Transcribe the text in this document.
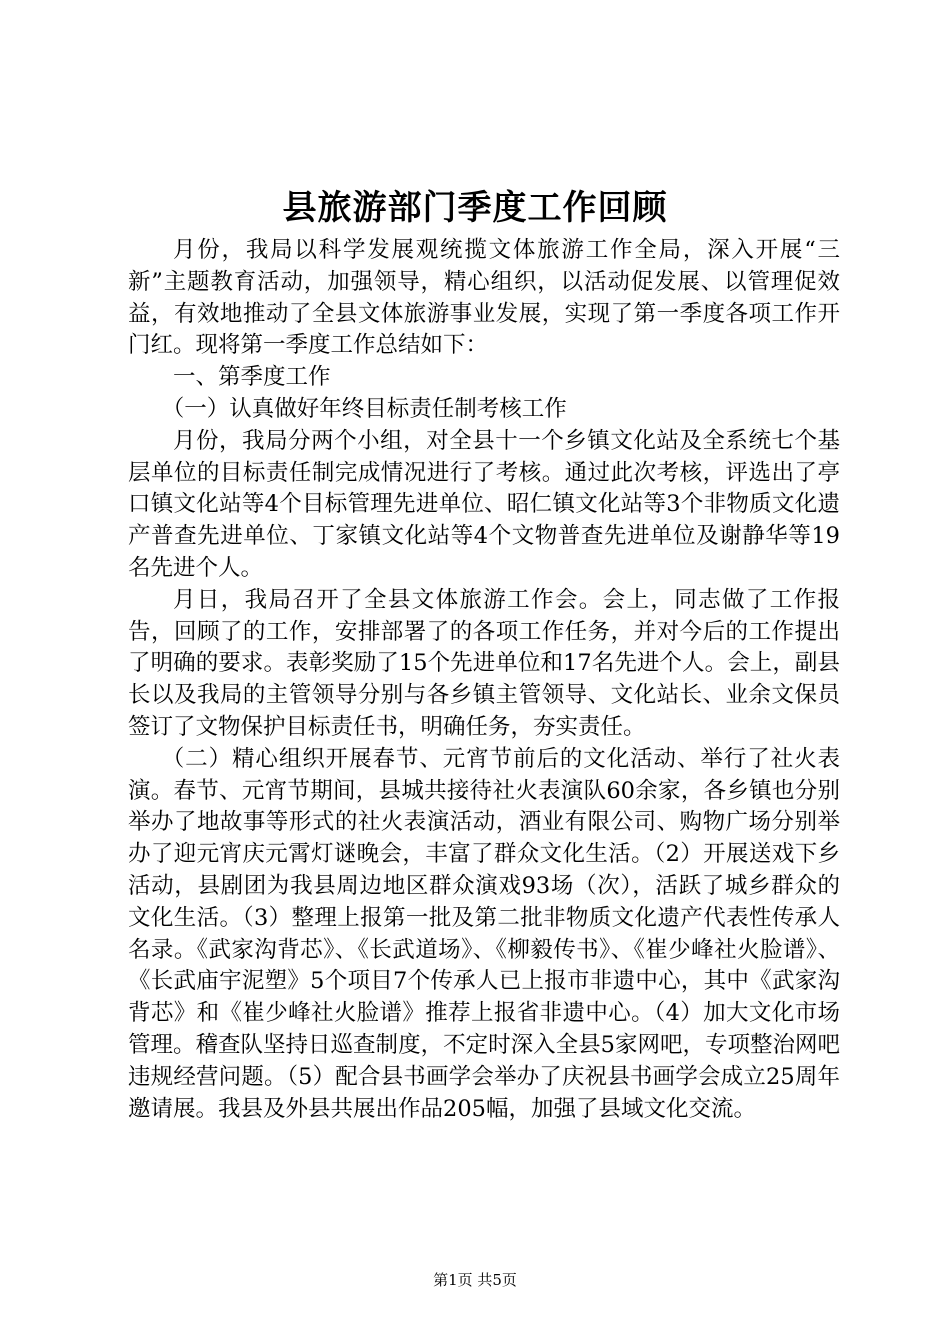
县旅游部门季度工作回顾

月份，我局以科学发展观统揽文体旅游工作全局，深入开展“三新”主题教育活动，加强领导，精心组织，以活动促发展、以管理促效益，有效地推动了全县文体旅游事业发展，实现了第一季度各项工作开门红。现将第一季度工作总结如下：

一、第季度工作

（一）认真做好年终目标责任制考核工作

月份，我局分两个小组，对全县十一个乡镇文化站及全系统七个基层单位的目标责任制完成情况进行了考核。通过此次考核，评选出了亭口镇文化站等4个目标管理先进单位、昭仁镇文化站等3个非物质文化遗产普查先进单位、丁家镇文化站等4个文物普查先进单位及谢静华等19名先进个人。

月日，我局召开了全县文体旅游工作会。会上，同志做了工作报告，回顾了的工作，安排部署了的各项工作任务，并对今后的工作提出了明确的要求。表彰奖励了15个先进单位和17名先进个人。会上，副县长以及我局的主管领导分别与各乡镇主管领导、文化站长、业余文保员签订了文物保护目标责任书，明确任务，夯实责任。

（二）精心组织开展春节、元宵节前后的文化活动、举行了社火表演。春节、元宵节期间，县城共接待社火表演队60余家，各乡镇也分别举办了地故事等形式的社火表演活动，酒业有限公司、购物广场分别举办了迎元宵庆元霄灯谜晚会，丰富了群众文化生活。（2）开展送戏下乡活动，县剧团为我县周边地区群众演戏93场（次），活跃了城乡群众的文化生活。（3）整理上报第一批及第二批非物质文化遗产代表性传承人名录。《武家沟背芯》、《长武道场》、《柳毅传书》、《崔少峰社火脸谱》、《长武庙宇泥塑》5个项目7个传承人已上报市非遗中心，其中《武家沟背芯》和《崔少峰社火脸谱》推荐上报省非遗中心。（4）加大文化市场管理。稽查队坚持日巡查制度，不定时深入全县5家网吧，专项整治网吧违规经营问题。（5）配合县书画学会举办了庆祝县书画学会成立25周年邀请展。我县及外县共展出作品205幅，加强了县域文化交流。

第1页 共5页
